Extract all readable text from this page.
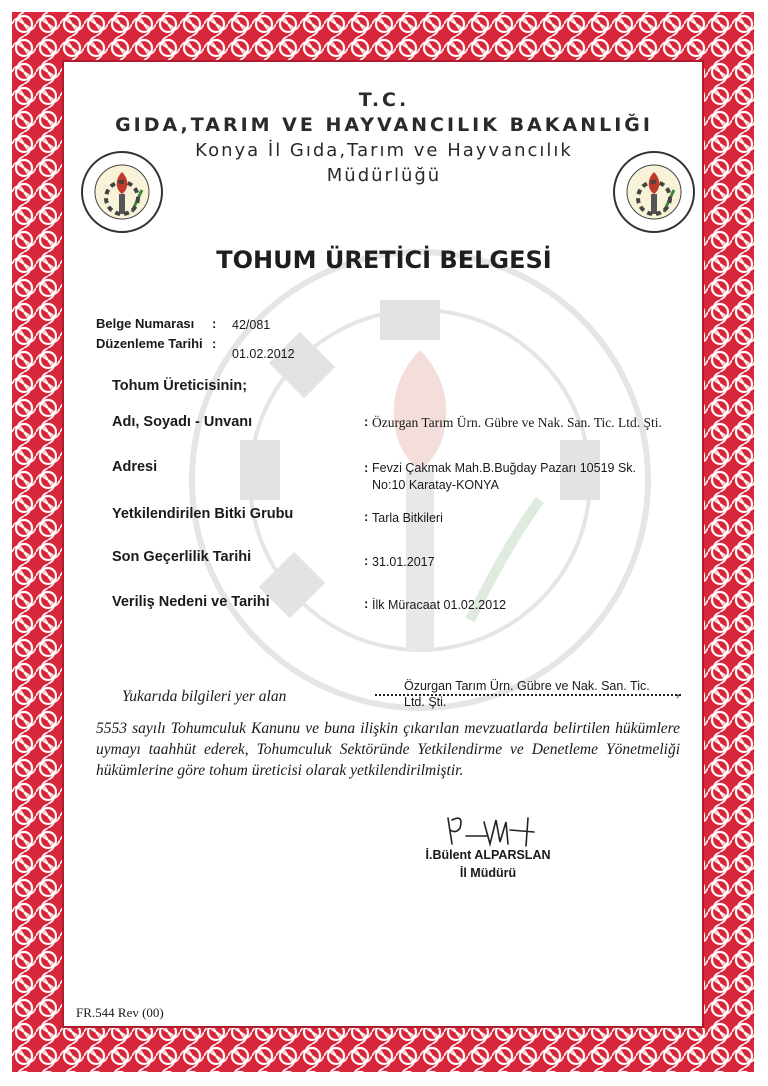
T.C.
GIDA,TARIM VE HAYVANCILIK BAKANLIĞI
Konya İl Gıda,Tarım ve Hayvancılık
Müdürlüğü
TOHUM ÜRETİCİ BELGESİ
Belge Numarası : 42/081
Düzenleme Tarihi :
01.02.2012
Tohum Üreticisinin;
Adı, Soyadı - Unvanı	: Özurgan Tarım Ürn. Gübre ve Nak. San. Tic. Ltd. Şti.
Adresi	: Fevzi Çakmak Mah.B.Buğday Pazarı 10519 Sk. No:10 Karatay-KONYA
Yetkilendirilen Bitki Grubu	: Tarla Bitkileri
Son Geçerlilik Tarihi	: 31.01.2017
Veriliş Nedeni ve Tarihi	: İlk Müracaat 01.02.2012
Özurgan Tarım Ürn. Gübre ve Nak. San. Tic. Ltd. Şti.
,
Yukarıda bilgileri yer alan
5553 sayılı Tohumculuk Kanunu ve buna ilişkin çıkarılan mevzuatlarda belirtilen hükümlere uymayı taahhüt ederek, Tohumculuk Sektöründe Yetkilendirme ve Denetleme Yönetmeliği hükümlerine göre tohum üreticisi olarak yetkilendirilmiştir.
İ.Bülent ALPARSLAN
İl Müdürü
FR.544 Rev (00)
